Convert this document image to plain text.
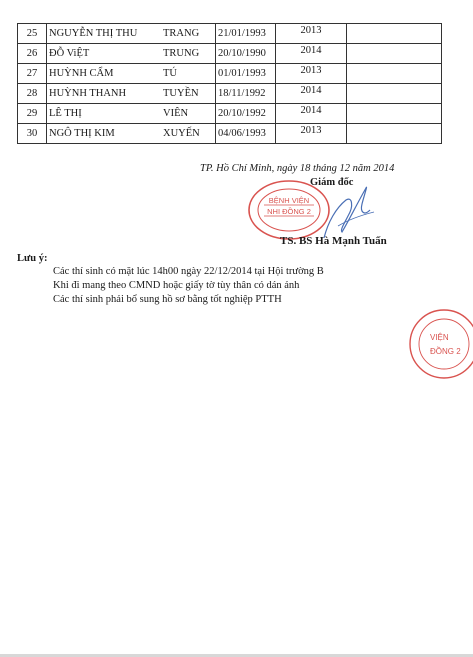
25	NGUYỄN THỊ THU	TRANG	21/01/1993	2013	
26	ĐỖ ViỆT	TRUNG	20/10/1990	2014	
27	HUỲNH CẨM	TÚ	01/01/1993	2013	
28	HUỲNH THANH	TUYỀN	18/11/1992	2014	
29	LÊ THỊ	VIÊN	20/10/1992	2014	
30	NGÔ THỊ KIM	XUYẾN	04/06/1993	2013	
TP. Hồ Chí Minh, ngày 18 tháng 12 năm 2014
Giám đốc
BỆNH VIỆN
NHI ĐỒNG 2
TS. BS Hà Mạnh Tuấn
Lưu ý:
Các thí sinh có mặt lúc 14h00 ngày 22/12/2014 tại Hội trường B
Khi đi mang theo CMND hoặc giấy tờ tùy thân có dán ảnh
Các thí sinh phải bổ sung hồ sơ bằng tốt nghiệp PTTH
VIỆN
ĐỒNG 2
